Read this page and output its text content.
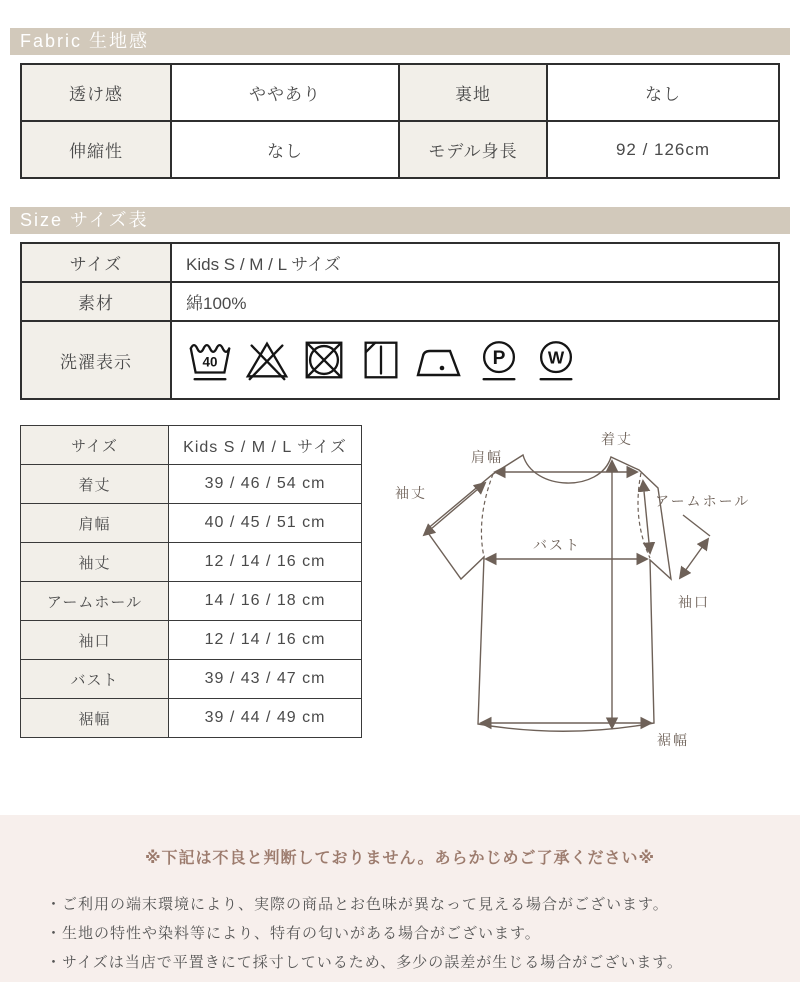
Fabric 生地感
透け感	ややあり	裏地	なし
伸縮性	なし	モデル身長	92 / 126cm
Size サイズ表
サイズ	Kids S / M / L サイズ
素材	綿100%
洗濯表示	40 P W
サイズ	Kids S / M / L サイズ
着丈	39 / 46 / 54 cm
肩幅	40 / 45 / 51 cm
袖丈	12 / 14 / 16 cm
アームホール	14 / 16 / 18 cm
袖口	12 / 14 / 16 cm
バスト	39 / 43 / 47 cm
裾幅	39 / 44 / 49 cm
肩幅
着丈
袖丈	アームホール
バスト
袖口
裾幅
※下記は不良と判断しておりません。あらかじめご了承ください※
・ご利用の端末環境により、実際の商品とお色味が異なって見える場合がございます。
・生地の特性や染料等により、特有の匂いがある場合がございます。
・サイズは当店で平置きにて採寸しているため、多少の誤差が生じる場合がございます。
